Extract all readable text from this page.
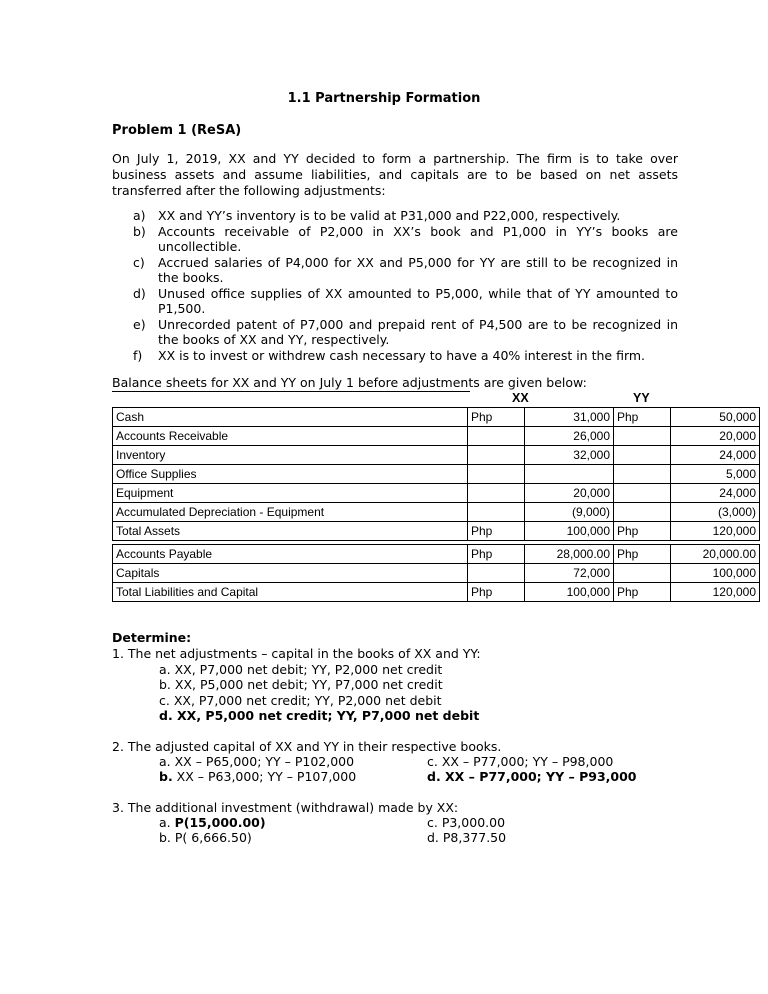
1.1 Partnership Formation
Problem 1 (ReSA)
On July 1, 2019, XX and YY decided to form a partnership. The firm is to take over business assets and assume liabilities, and capitals are to be based on net assets transferred after the following adjustments:
a) XX and YY’s inventory is to be valid at P31,000 and P22,000, respectively.
b) Accounts receivable of P2,000 in XX’s book and P1,000 in YY’s books are uncollectible.
c) Accrued salaries of P4,000 for XX and P5,000 for YY are still to be recognized in the books.
d) Unused office supplies of XX amounted to P5,000, while that of YY amounted to P1,500.
e) Unrecorded patent of P7,000 and prepaid rent of P4,500 are to be recognized in the books of XX and YY, respectively.
f) XX is to invest or withdrew cash necessary to have a 40% interest in the firm.
Balance sheets for XX and YY on July 1 before adjustments are given below:
XX	YY
Cash	Php	31,000	Php	50,000
Accounts Receivable		26,000		20,000
Inventory		32,000		24,000
Office Supplies				5,000
Equipment		20,000		24,000
Accumulated Depreciation - Equipment		(9,000)		(3,000)
Total Assets	Php	100,000	Php	120,000

Accounts Payable	Php	28,000.00	Php	20,000.00
Capitals		72,000		100,000
Total Liabilities and Capital	Php	100,000	Php	120,000
Determine:
1. The net adjustments – capital in the books of XX and YY:
a. XX, P7,000 net debit; YY, P2,000 net credit
b. XX, P5,000 net debit; YY, P7,000 net credit
c. XX, P7,000 net credit; YY, P2,000 net debit
d. XX, P5,000 net credit; YY, P7,000 net debit
2. The adjusted capital of XX and YY in their respective books.
a. XX – P65,000; YY – P102,000
b. XX – P63,000; YY – P107,000
c. XX – P77,000; YY – P98,000
d. XX – P77,000; YY – P93,000
3. The additional investment (withdrawal) made by XX:
a. P(15,000.00)
b. P( 6,666.50)
c. P3,000.00
d. P8,377.50
